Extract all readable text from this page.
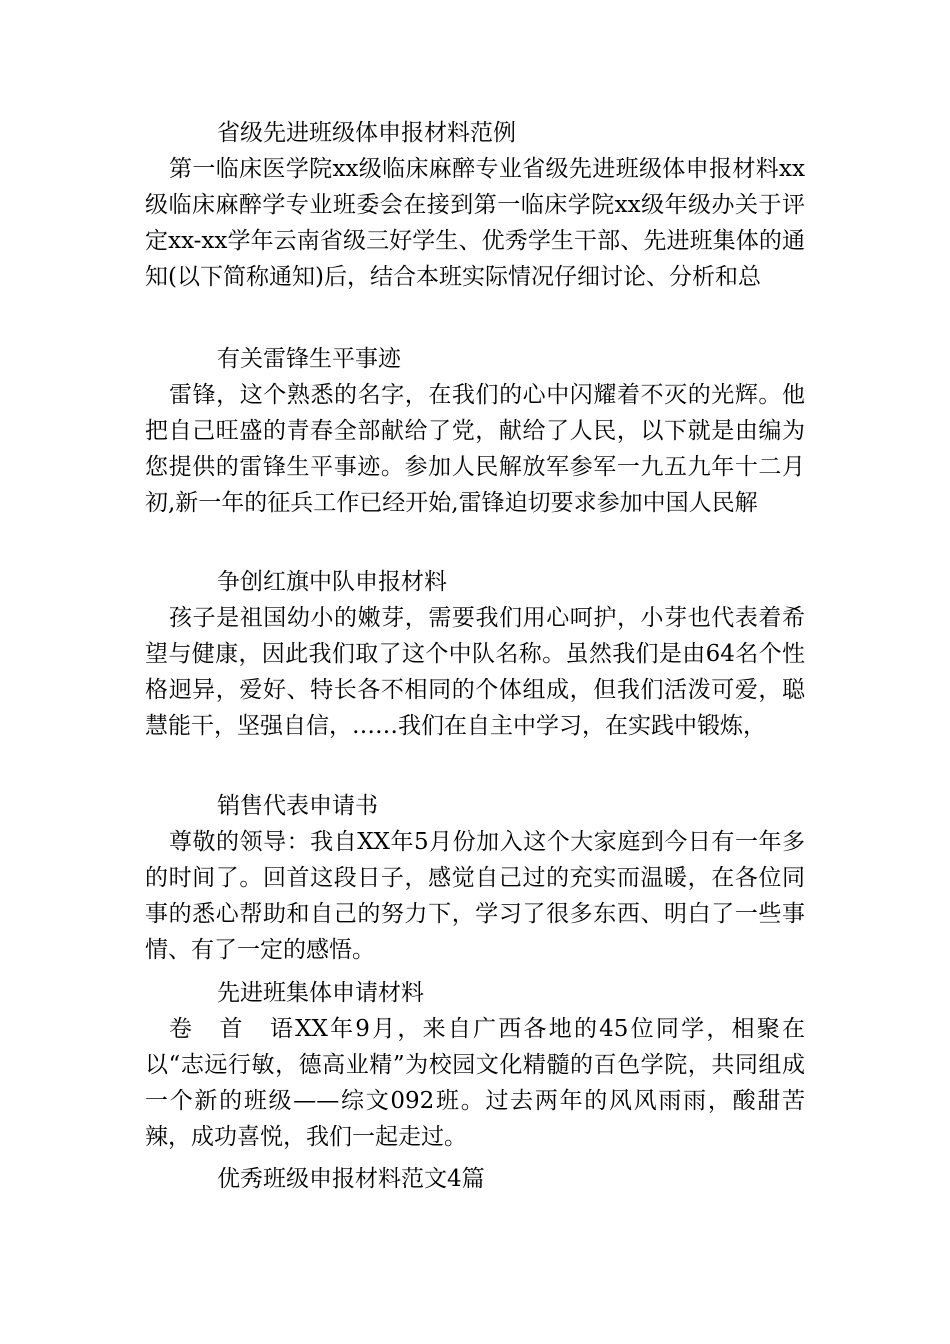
省级先进班级体申报材料范例
第一临床医学院xx级临床麻醉专业省级先进班级体申报材料xx级临床麻醉学专业班委会在接到第一临床学院xx级年级办关于评定xx-xx学年云南省级三好学生、优秀学生干部、先进班集体的通知(以下简称通知)后，结合本班实际情况仔细讨论、分析和总
有关雷锋生平事迹
雷锋，这个熟悉的名字，在我们的心中闪耀着不灭的光辉。他把自己旺盛的青春全部献给了党，献给了人民，以下就是由编为您提供的雷锋生平事迹。参加人民解放军参军一九五九年十二月初,新一年的征兵工作已经开始,雷锋迫切要求参加中国人民解
争创红旗中队申报材料
孩子是祖国幼小的嫩芽，需要我们用心呵护，小芽也代表着希望与健康，因此我们取了这个中队名称。虽然我们是由64名个性格迥异，爱好、特长各不相同的个体组成，但我们活泼可爱，聪慧能干，坚强自信，……我们在自主中学习，在实践中锻炼，
销售代表申请书
尊敬的领导：我自XX年5月份加入这个大家庭到今日有一年多的时间了。回首这段日子，感觉自己过的充实而温暖，在各位同事的悉心帮助和自己的努力下，学习了很多东西、明白了一些事情、有了一定的感悟。
先进班集体申请材料
卷　首　语XX年9月，来自广西各地的45位同学，相聚在以“志远行敏，德高业精”为校园文化精髓的百色学院，共同组成一个新的班级——综文092班。过去两年的风风雨雨，酸甜苦辣，成功喜悦，我们一起走过。
优秀班级申报材料范文4篇
